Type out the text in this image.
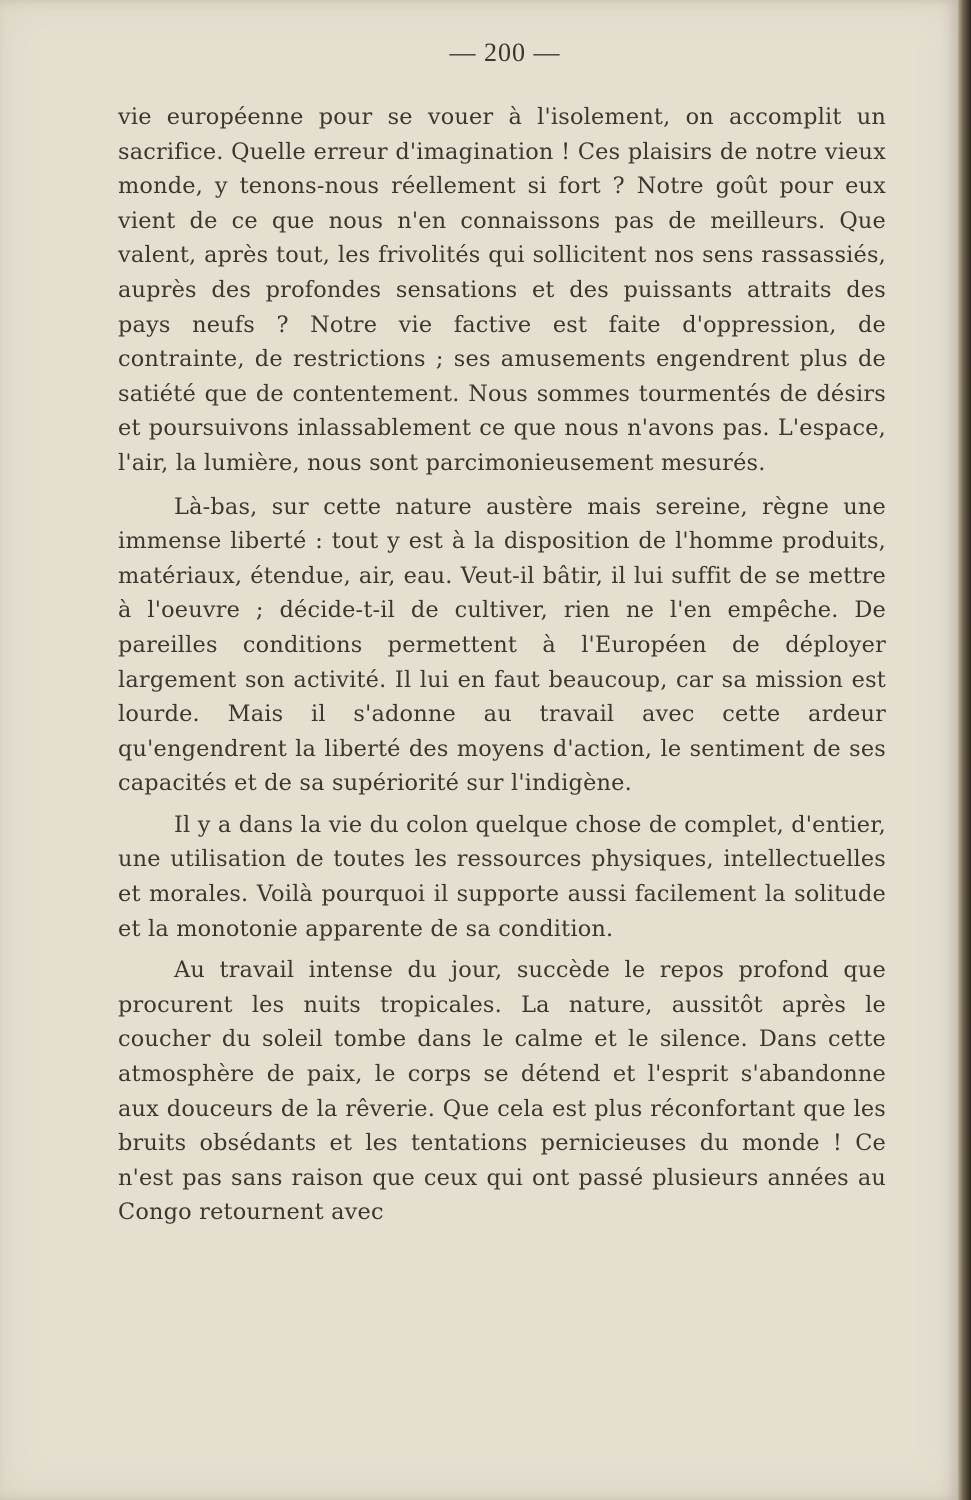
— 200 —

vie européenne pour se vouer à l'isolement, on accomplit un sacrifice. Quelle erreur d'imagination ! Ces plaisirs de notre vieux monde, y tenons-nous réellement si fort ? Notre goût pour eux vient de ce que nous n'en connaissons pas de meilleurs. Que valent, après tout, les frivolités qui sollicitent nos sens rassassiés, auprès des profondes sensations et des puissants attraits des pays neufs ? Notre vie factive est faite d'oppression, de contrainte, de restrictions ; ses amusements engendrent plus de satiété que de contentement. Nous sommes tourmentés de désirs et poursuivons inlassablement ce que nous n'avons pas. L'espace, l'air, la lumière, nous sont parcimonieusement mesurés.

Là-bas, sur cette nature austère mais sereine, règne une immense liberté : tout y est à la disposition de l'homme produits, matériaux, étendue, air, eau. Veut-il bâtir, il lui suffit de se mettre à l'oeuvre ; décide-t-il de cultiver, rien ne l'en empêche. De pareilles conditions permettent à l'Européen de déployer largement son activité. Il lui en faut beaucoup, car sa mission est lourde. Mais il s'adonne au travail avec cette ardeur qu'engendrent la liberté des moyens d'action, le sentiment de ses capacités et de sa supériorité sur l'indigène.

Il y a dans la vie du colon quelque chose de complet, d'entier, une utilisation de toutes les ressources physiques, intellectuelles et morales. Voilà pourquoi il supporte aussi facilement la solitude et la monotonie apparente de sa condition.

Au travail intense du jour, succède le repos profond que procurent les nuits tropicales. La nature, aussitôt après le coucher du soleil tombe dans le calme et le silence. Dans cette atmosphère de paix, le corps se détend et l'esprit s'abandonne aux douceurs de la rêverie. Que cela est plus réconfortant que les bruits obsédants et les tentations pernicieuses du monde ! Ce n'est pas sans raison que ceux qui ont passé plusieurs années au Congo retournent avec
